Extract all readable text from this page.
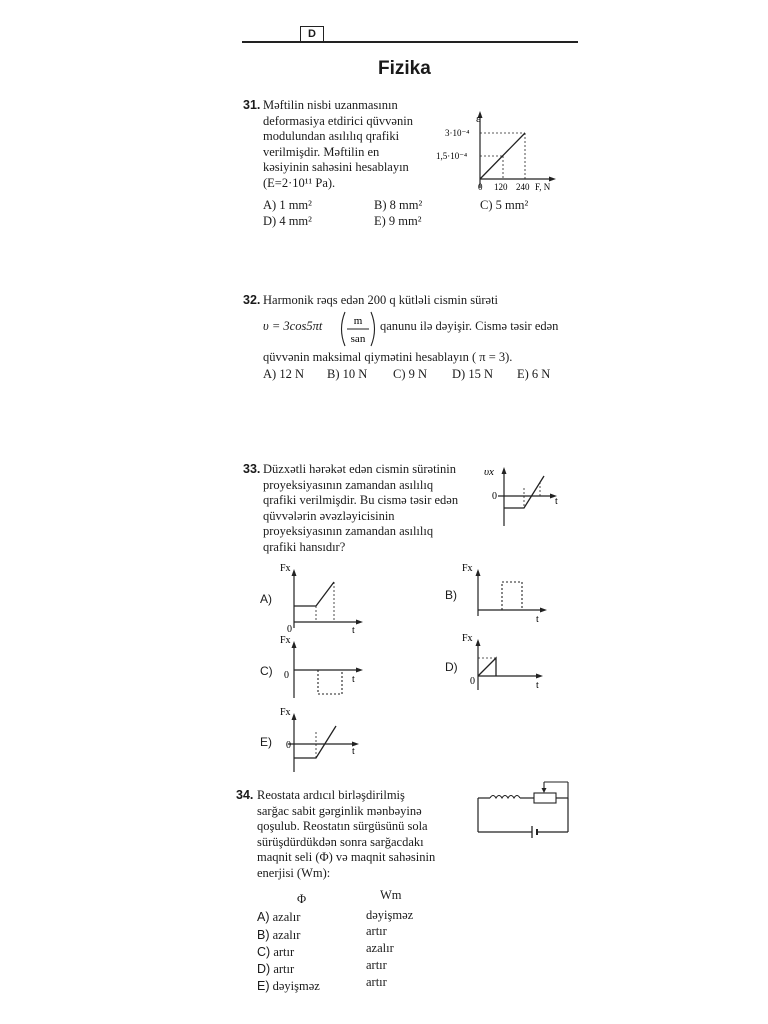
D
Fizika
31. Məftilin nisbi uzanmasının
deformasiya etdirici qüvvənin
modulundan asılılıq qrafiki
verilmişdir. Məftilin en
kəsiyinin sahəsini hesablayın
(E=2·10¹¹ Pa).
ε
3·10⁻⁴
1,5·10⁻⁴
0 120 240 F, N
A) 1 mm²	B) 8 mm²	C) 5 mm²
D) 4 mm²	E) 9 mm²
32. Harmonik rəqs edən 200 q kütləli cismin sürəti
υ = 3cos5πt	m
san
qanunu ilə dəyişir. Cismə təsir edən
qüvvənin maksimal qiymətini hesablayın ( π = 3).
A) 12 N B) 10 N C) 9 N D) 15 N E) 6 N
33. Düzxətli hərəkət edən cismin sürətinin
proyeksiyasının zamandan asılılıq
qrafiki verilmişdir. Bu cismə təsir edən
qüvvələrin əvəzləyicisinin
proyeksiyasının zamandan asılılıq
qrafiki hansıdır?
υx
0	t
A)
Fx
0	t
B)
Fx
t
C)
Fx
0	t
D)
Fx
0	t
E)
Fx
0
t
34. Reostata ardıcıl birləşdirilmiş
sarğac sabit gərginlik mənbəyinə
qoşulub. Reostatın sürgüsünü sola
sürüşdürdükdən sonra sarğacdakı
maqnit seli (Φ) və maqnit sahəsinin
enerjisi (Wm):
Φ	Wm
A) azalır	dəyişməz
B) azalır	artır
C) artır	azalır
D) artır	artır
E) dəyişməz	artır
